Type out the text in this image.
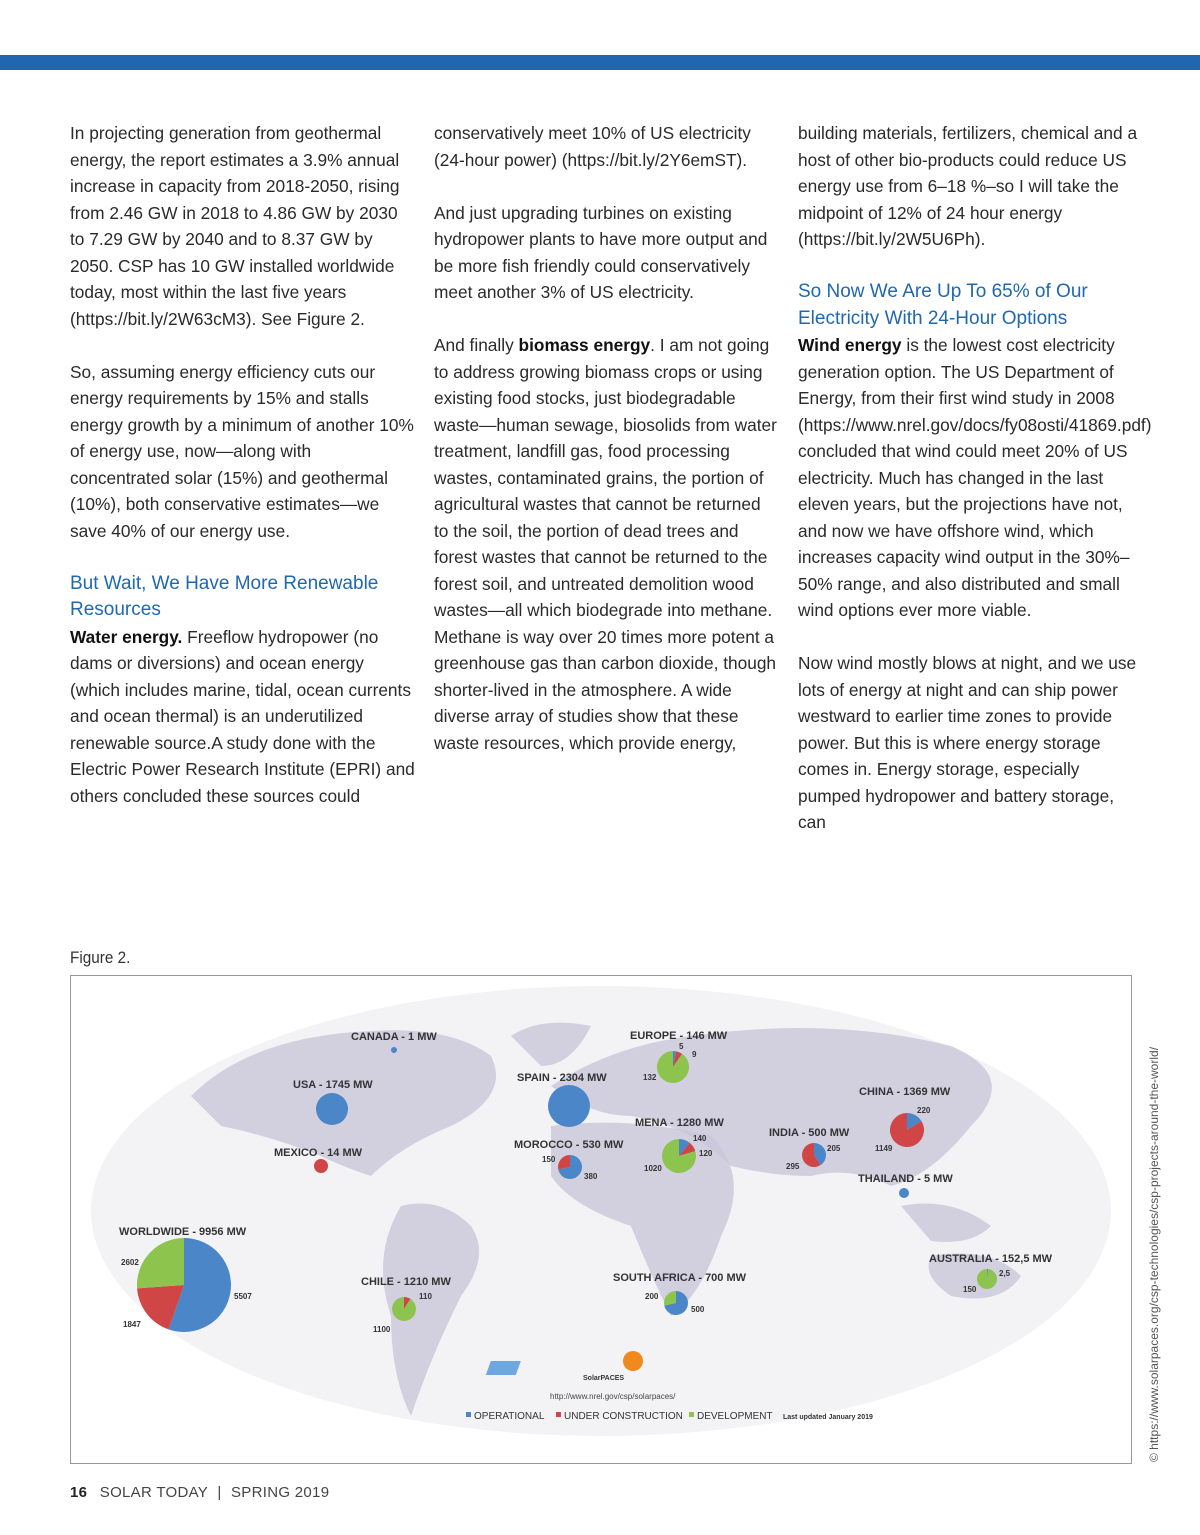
In projecting generation from geothermal energy, the report estimates a 3.9% annual increase in capacity from 2018-2050, rising from 2.46 GW in 2018 to 4.86 GW by 2030 to 7.29 GW by 2040 and to 8.37 GW by 2050. CSP has 10 GW installed worldwide today, most within the last five years (https://bit.ly/2W63cM3). See Figure 2.

So, assuming energy efficiency cuts our energy requirements by 15% and stalls energy growth by a minimum of another 10% of energy use, now—along with concentrated solar (15%) and geothermal (10%), both conservative estimates—we save 40% of our energy use.

But Wait, We Have More Renewable Resources

Water energy. Freeflow hydropower (no dams or diversions) and ocean energy (which includes marine, tidal, ocean currents and ocean thermal) is an underutilized renewable source.A study done with the Electric Power Research Institute (EPRI) and others concluded these sources could

conservatively meet 10% of US electricity (24-hour power) (https://bit.ly/2Y6emST).

And just upgrading turbines on existing hydropower plants to have more output and be more fish friendly could conservatively meet another 3% of US electricity.

And finally biomass energy. I am not going to address growing biomass crops or using existing food stocks, just biodegradable waste—human sewage, biosolids from water treatment, landfill gas, food processing wastes, contaminated grains, the portion of agricultural wastes that cannot be returned to the soil, the portion of dead trees and forest wastes that cannot be returned to the forest soil, and untreated demolition wood wastes—all which biodegrade into methane. Methane is way over 20 times more potent a greenhouse gas than carbon dioxide, though shorter-lived in the atmosphere. A wide diverse array of studies show that these waste resources, which provide energy,

building materials, fertilizers, chemical and a host of other bio-products could reduce US energy use from 6–18 %–so I will take the midpoint of 12% of 24 hour energy (https://bit.ly/2W5U6Ph).

So Now We Are Up To 65% of Our Electricity With 24-Hour Options

Wind energy is the lowest cost electricity generation option. The US Department of Energy, from their first wind study in 2008 (https://www.nrel.gov/docs/fy08osti/41869.pdf) concluded that wind could meet 20% of US electricity. Much has changed in the last eleven years, but the projections have not, and now we have offshore wind, which increases capacity wind output in the 30%–50% range, and also distributed and small wind options ever more viable.

Now wind mostly blows at night, and we use lots of energy at night and can ship power westward to earlier time zones to provide power. But this is where energy storage comes in. Energy storage, especially pumped hydropower and battery storage, can

Figure 2.
CANADA - 1 MW
USA - 1745 MW
MEXICO - 14 MW
SPAIN - 2304 MW
EUROPE - 146 MW
5
9
132
MOROCCO - 530 MW
380
150
MENA - 1280 MW
140
120
1020
CHINA - 1369 MW
220
1149
INDIA - 500 MW
205
295
THAILAND - 5 MW
AUSTRALIA - 152,5 MW
2,5
150
WORLDWIDE - 9956 MW
5507
1847
2602
CHILE - 1210 MW
110
1100
SOUTH AFRICA - 700 MW
500
200
SolarPACES
http://www.nrel.gov/csp/solarpaces/
OPERATIONAL UNDER CONSTRUCTION DEVELOPMENT Last updated January 2019	© https://www.solarpaces.org/csp-technologies/csp-projects-around-the-world/
16 SOLAR TODAY | SPRING 2019
